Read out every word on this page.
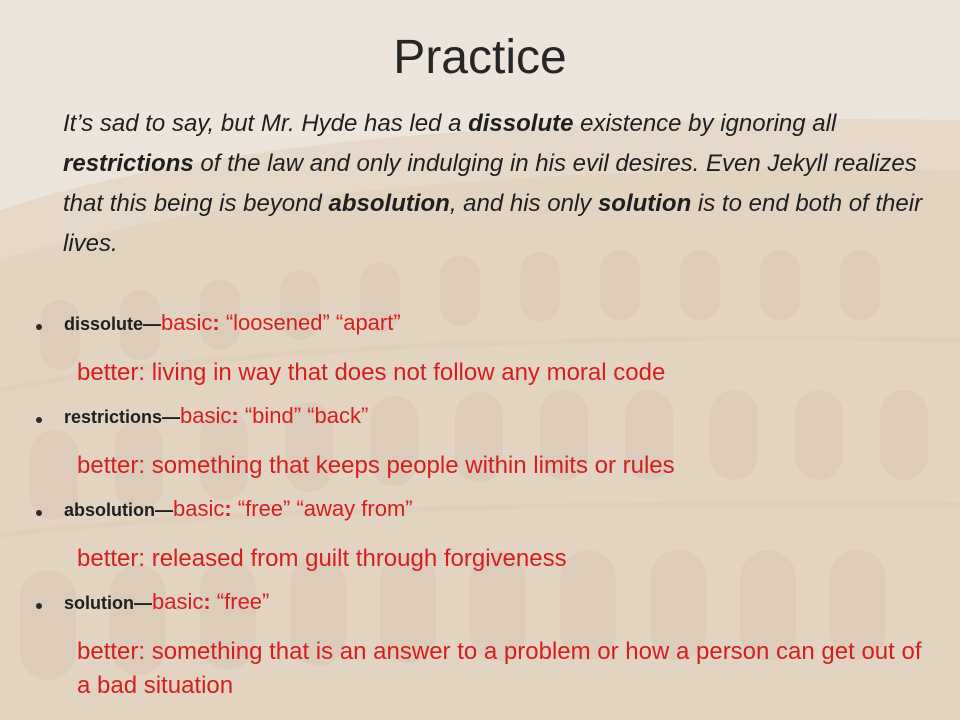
Practice
It’s sad to say, but Mr. Hyde has led a dissolute existence by ignoring all restrictions of the law and only indulging in his evil desires. Even Jekyll realizes that this being is beyond absolution, and his only solution is to end both of their lives.
dissolute—basic: “loosened” “apart”
better: living in way that does not follow any moral code
restrictions—basic: “bind” “back”
better: something that keeps people within limits or rules
absolution—basic: “free” “away from”
better: released from guilt through forgiveness
solution—basic: “free”
better: something that is an answer to a problem or how a person can get out of a bad situation
